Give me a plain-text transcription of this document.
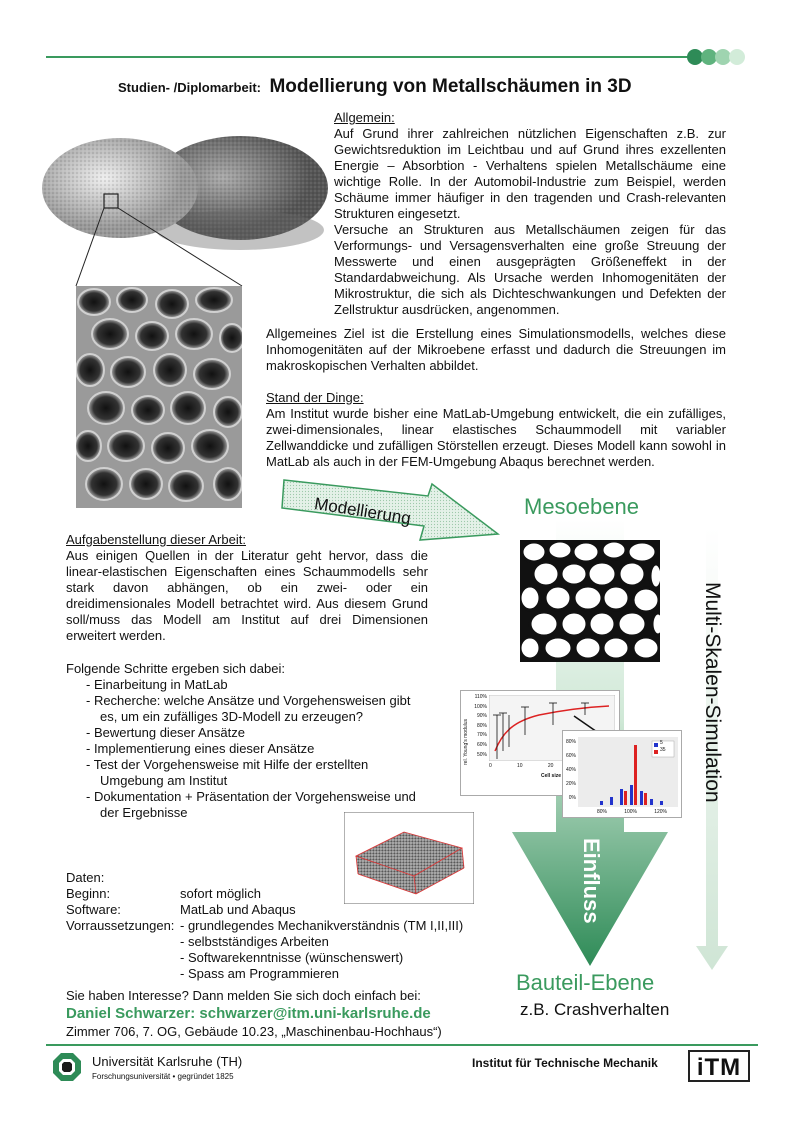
Studien- /Diplomarbeit: Modellierung von Metallschäumen in 3D

Allgemein:

Auf Grund ihrer zahlreichen nützlichen Eigenschaften z.B. zur Gewichtsreduktion im Leichtbau und auf Grund ihres exzellenten Energie – Absorbtion - Verhaltens spielen Metallschäume eine wichtige Rolle. In der Automobil-Industrie zum Beispiel, werden Schäume immer häufiger in den tragenden und Crash-relevanten Strukturen eingesetzt.

Versuche an Strukturen aus Metallschäumen zeigen für das Verformungs- und Versagensverhalten eine große Streuung der Messwerte und einen ausgeprägten Größeneffekt in der Standardabweichung. Als Ursache werden Inhomogenitäten der Mikrostruktur, die sich als Dichteschwankungen und Defekten der Zellstruktur ausdrücken, angenommen.

Allgemeines Ziel ist die Erstellung eines Simulationsmodells, welches diese Inhomogenitäten auf der Mikroebene erfasst und dadurch die Streuungen im makroskopischen Verhalten abbildet.

Stand der Dinge:

Am Institut wurde bisher eine MatLab-Umgebung entwickelt, die ein zufälliges, zwei-dimensionales, linear elastisches Schaummodell mit variabler Zellwanddicke und zufälligen Störstellen erzeugt. Dieses Modell kann sowohl in MatLab als auch in der FEM-Umgebung Abaqus berechnet werden.

Modellierung	Mesoebene
Multi-Skalen-Simulation
Einfluss
rel. Young's modulus
110%
100%
90%
80%
70%
60%
50%
0	10	20
Cell size
80%
60%
40%
20%
0%
5
35
80%	100%	120%

Aufgabenstellung dieser Arbeit:

Aus einigen Quellen in der Literatur geht hervor, dass die linear-elastischen Eigenschaften eines Schaummodells sehr stark davon abhängen, ob ein zwei- oder ein dreidimensionales Modell betrachtet wird. Aus diesem Grund soll/muss das Modell am Institut auf drei Dimensionen erweitert werden.

Folgende Schritte ergeben sich dabei:

- Einarbeitung in MatLab

- Recherche: welche Ansätze und Vorgehensweisen gibt es, um ein zufälliges 3D-Modell zu erzeugen?

- Bewertung dieser Ansätze

- Implementierung eines dieser Ansätze

- Test der Vorgehensweise mit Hilfe der erstellten Umgebung am Institut

- Dokumentation + Präsentation der Vorgehensweise und der Ergebnisse

Daten:
Beginn:	sofort möglich
Software:	MatLab und Abaqus
Vorraussetzungen: - grundlegendes Mechanikverständnis (TM I,II,III)
- selbstständiges Arbeiten
- Softwarekenntnisse (wünschenswert)
- Spass am Programmieren	Bauteil-Ebene
z.B. Crashverhalten
Sie haben Interesse? Dann melden Sie sich doch einfach bei:
Daniel Schwarzer: schwarzer@itm.uni-karlsruhe.de
Zimmer 706, 7. OG, Gebäude 10.23, „Maschinenbau-Hochhaus“)
Universität Karlsruhe (TH)
Forschungsuniversität • gegründet 1825
Institut für Technische Mechanik	iTM
